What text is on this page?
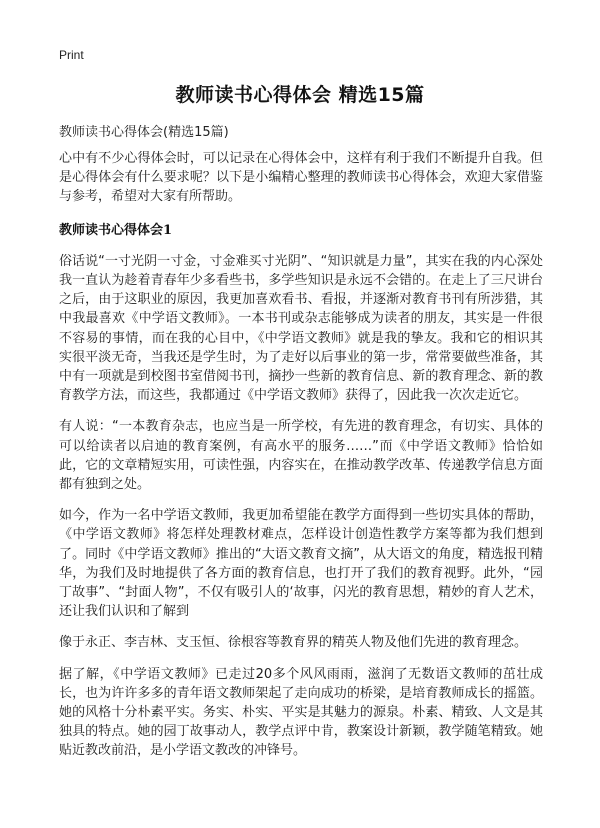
Print
教师读书心得体会 精选15篇
教师读书心得体会(精选15篇)

心中有不少心得体会时，可以记录在心得体会中，这样有利于我们不断提升自我。但是心得体会有什么要求呢？以下是小编精心整理的教师读书心得体会，欢迎大家借鉴与参考，希望对大家有所帮助。

教师读书心得体会1

俗话说“一寸光阴一寸金，寸金难买寸光阴”、“知识就是力量”，其实在我的内心深处我一直认为趁着青春年少多看些书，多学些知识是永远不会错的。在走上了三尺讲台之后，由于这职业的原因，我更加喜欢看书、看报，并逐渐对教育书刊有所涉猎，其中我最喜欢《中学语文教师》。一本书刊或杂志能够成为读者的朋友，其实是一件很不容易的事情，而在我的心目中，《中学语文教师》就是我的挚友。我和它的相识其实很平淡无奇，当我还是学生时，为了走好以后事业的第一步，常常要做些准备，其中有一项就是到校图书室借阅书刊，摘抄一些新的教育信息、新的教育理念、新的教育教学方法，而这些，我都通过《中学语文教师》获得了，因此我一次次走近它。

有人说：“一本教育杂志，也应当是一所学校，有先进的教育理念，有切实、具体的可以给读者以启迪的教育案例，有高水平的服务……”而《中学语文教师》恰恰如此，它的文章精短实用，可读性强，内容实在，在推动教学改革、传递教学信息方面都有独到之处。

如今，作为一名中学语文教师，我更加希望能在教学方面得到一些切实具体的帮助，《中学语文教师》将怎样处理教材难点，怎样设计创造性教学方案等都为我们想到了。同时《中学语文教师》推出的“大语文教育文摘”，从大语文的角度，精选报刊精华，为我们及时地提供了各方面的教育信息，也打开了我们的教育视野。此外，“园丁故事”、“封面人物”，不仅有吸引人的‘故事，闪光的教育思想，精妙的育人艺术，还让我们认识和了解到

像于永正、李吉林、支玉恒、徐根容等教育界的精英人物及他们先进的教育理念。

据了解，《中学语文教师》已走过20多个风风雨雨，滋润了无数语文教师的茁壮成长，也为许许多多的青年语文教师架起了走向成功的桥梁，是培育教师成长的摇篮。她的风格十分朴素平实。务实、朴实、平实是其魅力的源泉。朴素、精致、人文是其独具的特点。她的园丁故事动人，教学点评中肯，教案设计新颖，教学随笔精致。她贴近教改前沿，是小学语文教改的冲锋号。
